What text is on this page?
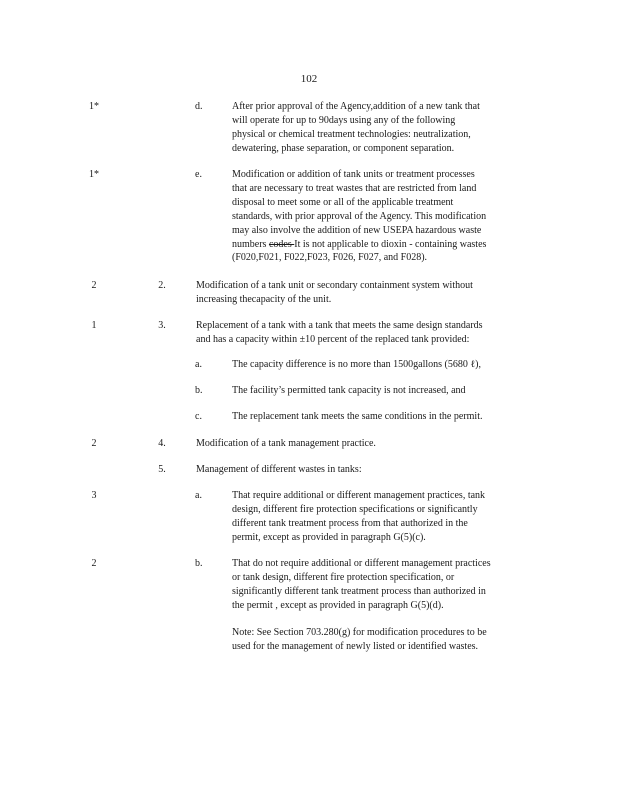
102
1*	d.	After prior approval of the Agency,addition of a new tank that
will operate for up to 90days using any of the following
physical or chemical treatment technologies: neutralization,
dewatering, phase separation, or component separation.
1*	e.	Modification or addition of tank units or treatment processes
that are necessary to treat wastes that are restricted from land
disposal to meet some or all of the applicable treatment
standards, with prior approval of the Agency. This modification
may also involve the addition of new USEPA hazardous waste
numbers codes It is not applicable to dioxin - containing wastes
(F020,F021, F022,F023, F026, F027, and F028).
2	2.	Modification of a tank unit or secondary containment system without
increasing thecapacity of the unit.
1	3.	Replacement of a tank with a tank that meets the same design standards
and has a capacity within ±10 percent of the replaced tank provided:
a.	The capacity difference is no more than 1500gallons (5680 ℓ),
b.	The facility’s permitted tank capacity is not increased, and
c.	The replacement tank meets the same conditions in the permit.
2	4.	Modification of a tank management practice.
5.	Management of different wastes in tanks:
3	a.	That require additional or different management practices, tank
design, different fire protection specifications or significantly
different tank treatment process from that authorized in the
permit, except as provided in paragraph G(5)(c).
2	b.	That do not require additional or different management practices
or tank design, different fire protection specification, or
significantly different tank treatment process than authorized in
the permit , except as provided in paragraph G(5)(d).
Note: See Section 703.280(g) for modification procedures to be
used for the management of newly listed or identified wastes.
